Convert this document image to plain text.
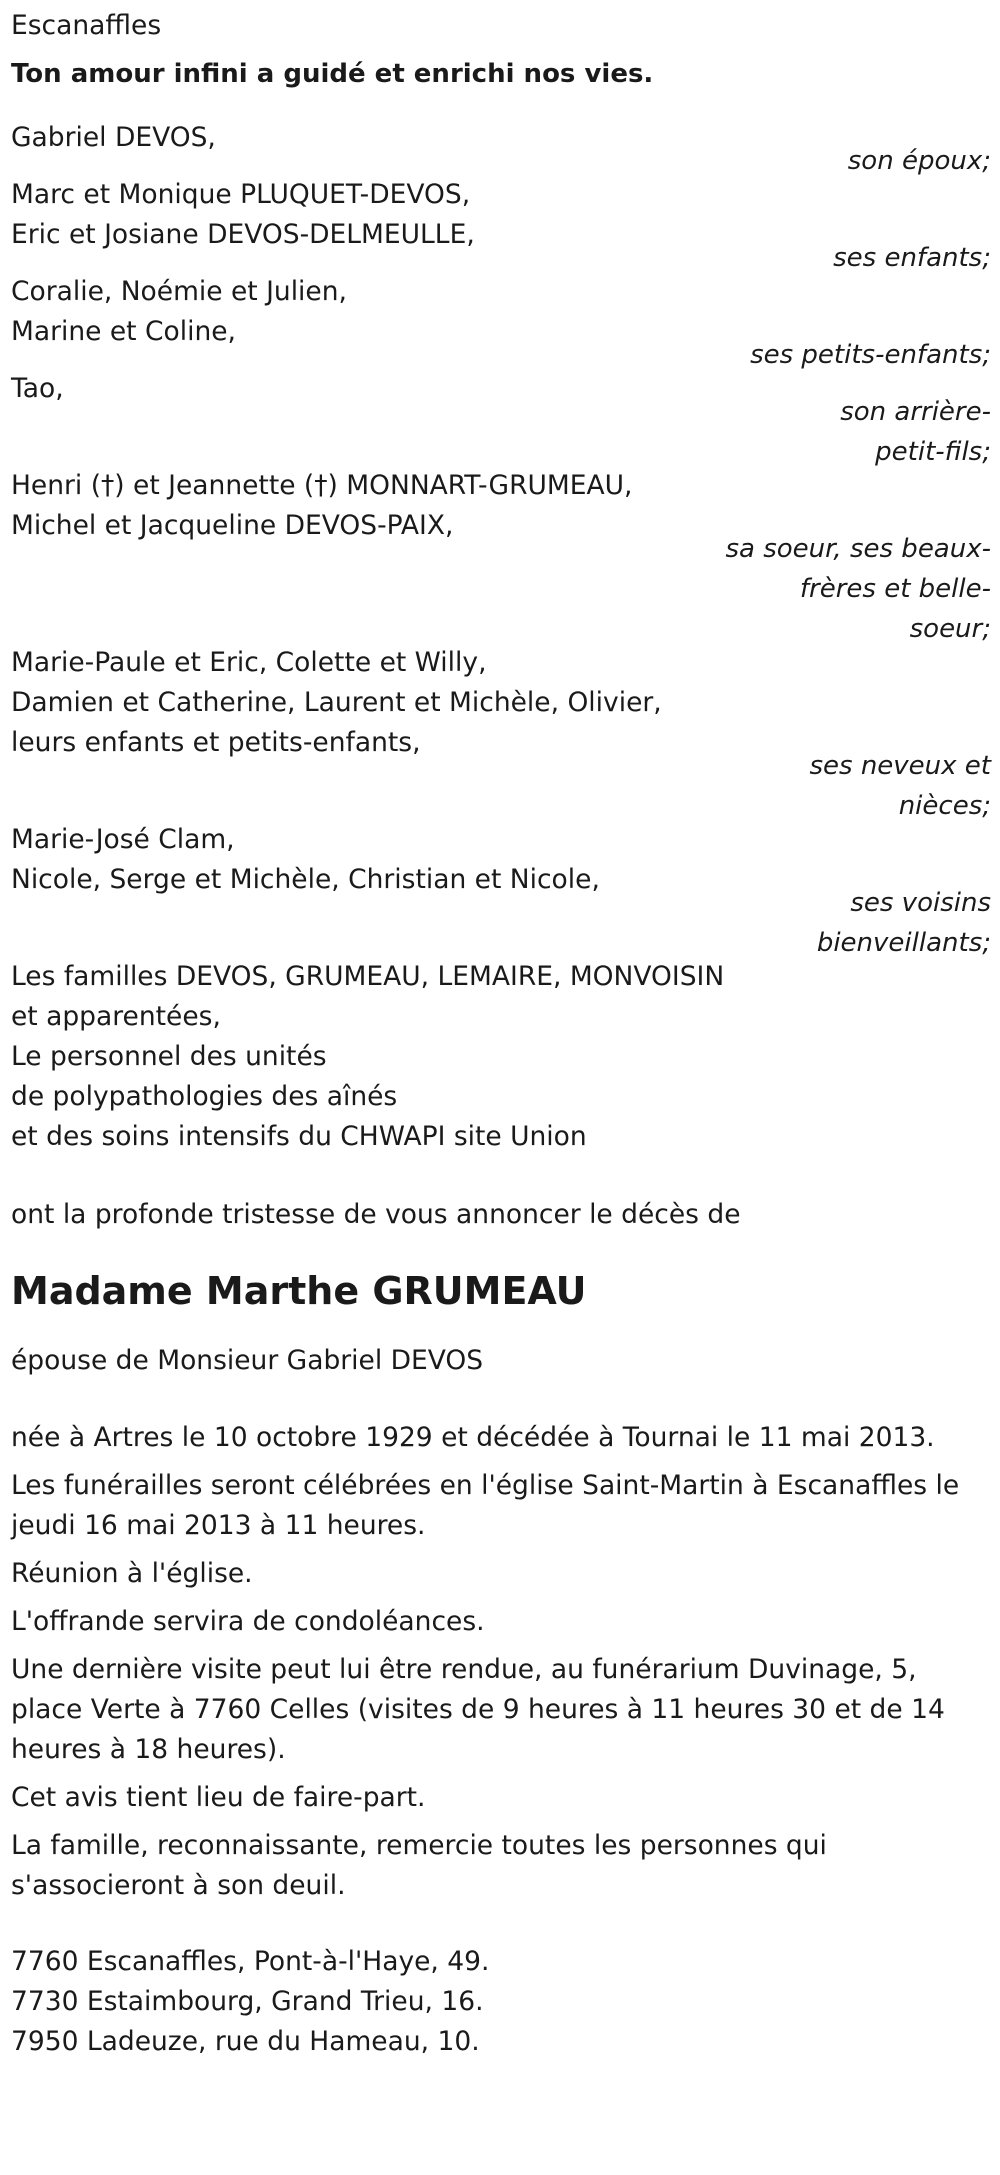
Escanaffles
Ton amour infini a guidé et enrichi nos vies.
Gabriel DEVOS,
son époux;
Marc et Monique PLUQUET-DEVOS,
Eric et Josiane DEVOS-DELMEULLE,
ses enfants;
Coralie, Noémie et Julien,
Marine et Coline,
ses petits-enfants;
Tao,
son arrière-
petit-fils;
Henri (†) et Jeannette (†) MONNART-GRUMEAU,
Michel et Jacqueline DEVOS-PAIX,
sa soeur, ses beaux-
frères et belle-
soeur;
Marie-Paule et Eric, Colette et Willy,
Damien et Catherine, Laurent et Michèle, Olivier,
leurs enfants et petits-enfants,
ses neveux et
nièces;
Marie-José Clam,
Nicole, Serge et Michèle, Christian et Nicole,
ses voisins
bienveillants;
Les familles DEVOS, GRUMEAU, LEMAIRE, MONVOISIN
et apparentées,
Le personnel des unités
de polypathologies des aînés
et des soins intensifs du CHWAPI site Union
ont la profonde tristesse de vous annoncer le décès de
Madame Marthe GRUMEAU
épouse de Monsieur Gabriel DEVOS
née à Artres le 10 octobre 1929 et décédée à Tournai le 11 mai 2013.
Les funérailles seront célébrées en l'église Saint-Martin à Escanaffles le jeudi 16 mai 2013 à 11 heures.
Réunion à l'église.
L'offrande servira de condoléances.
Une dernière visite peut lui être rendue, au funérarium Duvinage, 5, place Verte à 7760 Celles (visites de 9 heures à 11 heures 30 et de 14 heures à 18 heures).
Cet avis tient lieu de faire-part.
La famille, reconnaissante, remercie toutes les personnes qui s'associeront à son deuil.
7760 Escanaffles, Pont-à-l'Haye, 49.
7730 Estaimbourg, Grand Trieu, 16.
7950 Ladeuze, rue du Hameau, 10.
